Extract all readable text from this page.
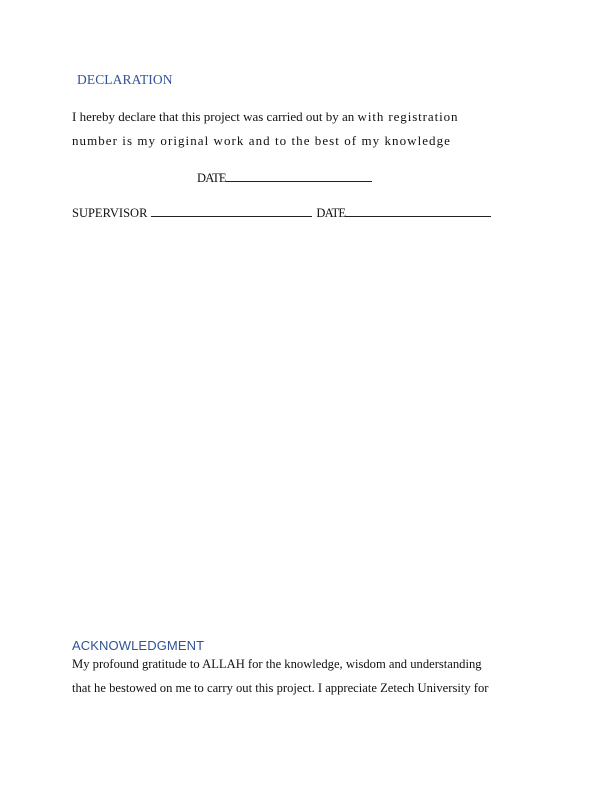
DECLARATION
I hereby declare that this project was carried out by an with registration
number is my original work and to the best of my knowledge
DATE
SUPERVISOR	DATE
ACKNOWLEDGMENT
My profound gratitude to ALLAH for the knowledge, wisdom and understanding
that he bestowed on me to carry out this project. I appreciate Zetech University for
